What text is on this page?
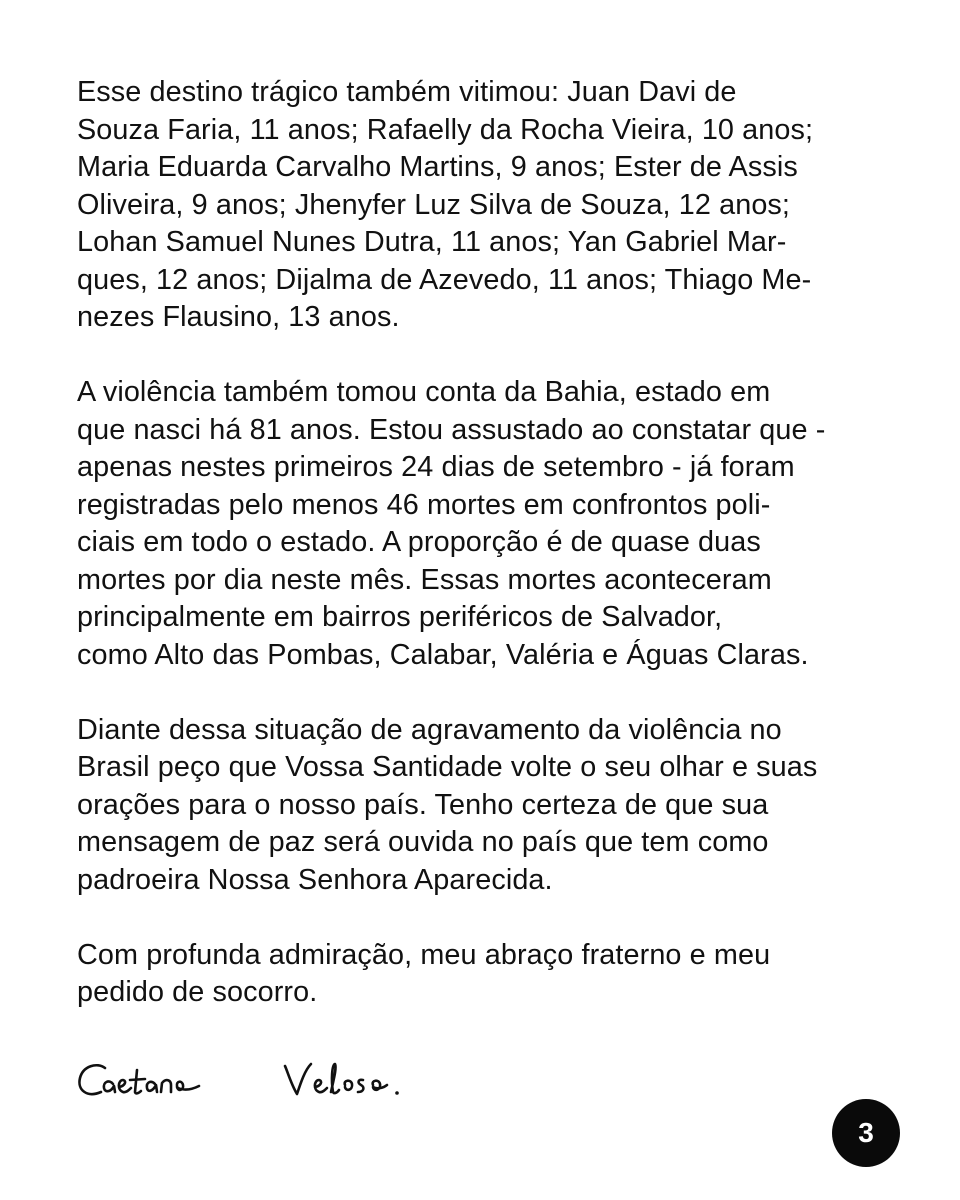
Esse destino trágico também vitimou: Juan Davi de
Souza Faria, 11 anos; Rafaelly da Rocha Vieira, 10 anos;
Maria Eduarda Carvalho Martins, 9 anos; Ester de Assis
Oliveira, 9 anos; Jhenyfer Luz Silva de Souza, 12 anos;
Lohan Samuel Nunes Dutra, 11 anos; Yan Gabriel Mar-
ques, 12 anos; Dijalma de Azevedo, 11 anos; Thiago Me-
nezes Flausino, 13 anos.

A violência também tomou conta da Bahia, estado em
que nasci há 81 anos. Estou assustado ao constatar que -
apenas nestes primeiros 24 dias de setembro - já foram
registradas pelo menos 46 mortes em confrontos poli-
ciais em todo o estado. A proporção é de quase duas
mortes por dia neste mês. Essas mortes aconteceram
principalmente em bairros periféricos de Salvador,
como Alto das Pombas, Calabar, Valéria e Águas Claras.

Diante dessa situação de agravamento da violência no
Brasil peço que Vossa Santidade volte o seu olhar e suas
orações para o nosso país. Tenho certeza de que sua
mensagem de paz será ouvida no país que tem como
padroeira Nossa Senhora Aparecida.

Com profunda admiração, meu abraço fraterno e meu
pedido de socorro.

3
